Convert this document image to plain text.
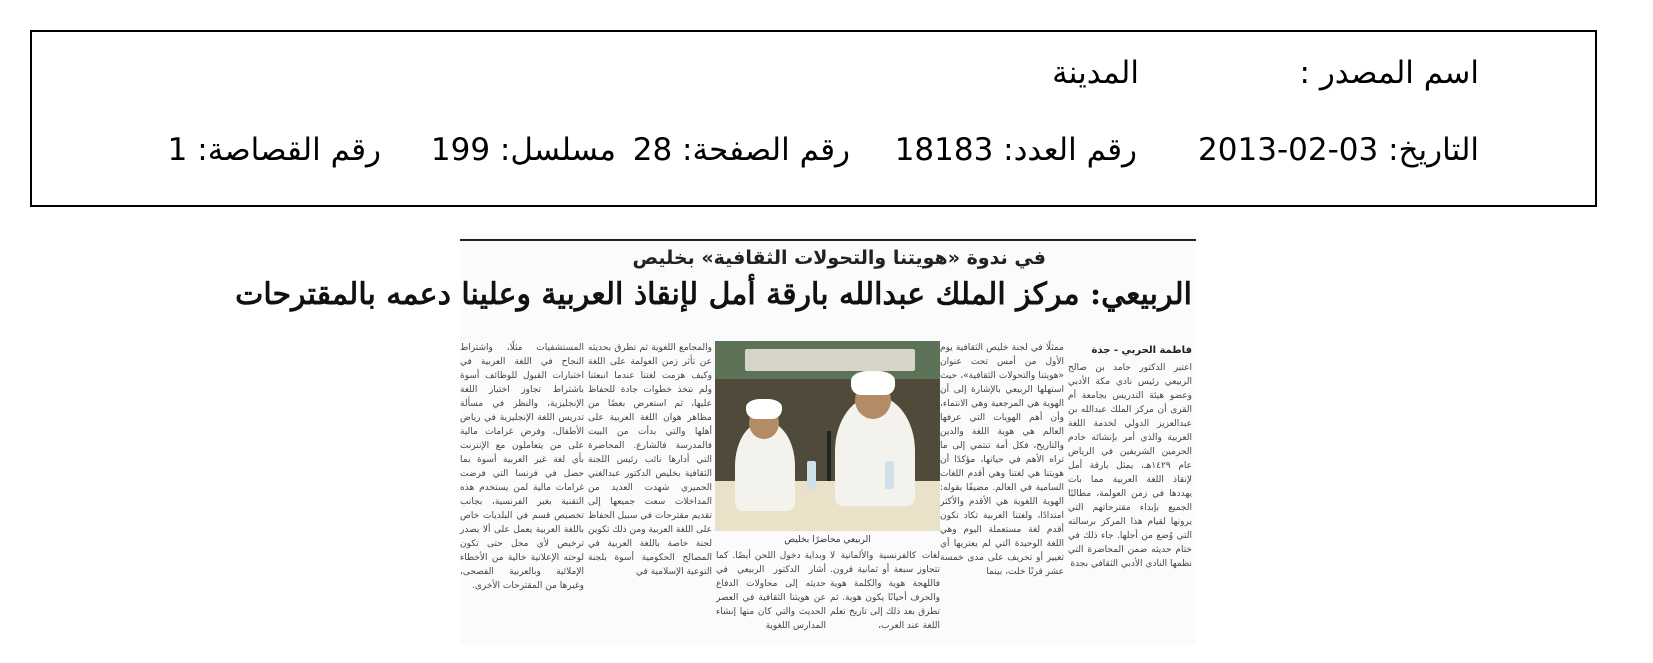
اسم المصدر :
المدينة
التاريخ: 03-02-2013
رقم العدد: 18183
رقم الصفحة: 28
مسلسل: 199
رقم القصاصة: 1
في ندوة «هويتنا والتحولات الثقافية» بخليص
الربيعي: مركز الملك عبدالله بارقة أمل لإنقاذ العربية وعلينا دعمه بالمقترحات
فاطمة الحربي - جدة
اعتبر الدكتور حامد بن صالح الربيعي رئيس نادي مكة الأدبي وعضو هيئة التدريس بجامعة أم القرى أن مركز الملك عبدالله بن عبدالعزيز الدولي لخدمة اللغة العربية والذي أمر بإنشائه خادم الحرمين الشريفين في الرياض عام ١٤٢٩هـ، يمثل بارقة أمل لإنقاذ اللغة العربية مما بات يهددها في زمن العولمة، مطالبًا الجميع بإبداء مقترحاتهم التي يرونها لقيام هذا المركز برسالته التي وُضع من أجلها. جاء ذلك في ختام حديثه ضمن المحاضرة التي نظمها النادي الأدبي الثقافي بجدة
ممثلًا في لجنة خليص الثقافية يوم الأول من أمس تحت عنوان «هويتنا والتحولات الثقافية»، حيث استهلها الربيعي بالإشارة إلى أن الهوية هي المرجعية وهي الانتماء، وأن أهم الهويات التي عرفها العالم هي هوية اللغة والدين والتاريخ، فكل أمة تنتمي إلى ما تراه الأهم في حياتها، مؤكدًا أن هويتنا هي لغتنا وهي أقدم اللغات السامية في العالم. مضيفًا بقوله: الهوية اللغوية هي الأقدم والأكثر امتدادًا، ولغتنا العربية تكاد تكون أقدم لغة مستعملة اليوم وهي اللغة الوحيدة التي لم يعتريها أي تغيير أو تحريف على مدى خمسة عشر قرنًا خلت، بينما
الربيعي محاضرًا بخليص
لغات كالفرنسية والألمانية لا تتجاوز سبعة أو ثمانية قرون. فاللهجة هوية والكلمة هوية والحرف أحيانًا يكون هوية. ثم تطرق بعد ذلك إلى تاريخ تعلم اللغة عند العرب،
وبداية دخول اللحن أيضًا. كما أشار الدكتور الربيعي في حديثه إلى محاولات الدفاع عن هويتنا الثقافية في العصر الحديث والتي كان منها إنشاء المدارس اللغوية
والمجامع اللغوية ثم تطرق بحديثه عن تأثر زمن العولمة على اللغة وكيف هزمت لغتنا عندما انبعثنا ولم نتخذ خطوات جادة للحفاظ عليها، ثم استعرض بعضًا من مظاهر هوان اللغة العربية على أهلها والتي بدأت من البيت فالمدرسة فالشارع. المحاضرة التي أدارها نائب رئيس اللجنة الثقافية بخليص الدكتور عبدالغني الحميري شهدت العديد من المداخلات سعت جميعها إلى تقديم مقترحات في سبيل الحفاظ على اللغة العربية ومن ذلك تكوين لجنة خاصة باللغة العربية في المصالح الحكومية أسوة بلجنة التوعية الإسلامية في
المستشفيات مثلًا، واشتراط النجاح في اللغة العربية في اختبارات القبول للوظائف أسوة باشتراط تجاوز اختبار اللغة الإنجليزية، والنظر في مسألة تدريس اللغة الإنجليزية في رياض الأطفال، وفرض غرامات مالية على من يتعاملون مع الإنترنت بأي لغة غير العربية أسوة بما حصل في فرنسا التي فرضت غرامات مالية لمن يستخدم هذه التقنية بغير الفرنسية، بجانب تخصيص قسم في البلديات خاص باللغة العربية يعمل على ألا يصدر ترخيص لأي محل حتى تكون لوحته الإعلانية خالية من الأخطاء الإملائية وبالعربية الفصحى، وغيرها من المقترحات الأخرى.
